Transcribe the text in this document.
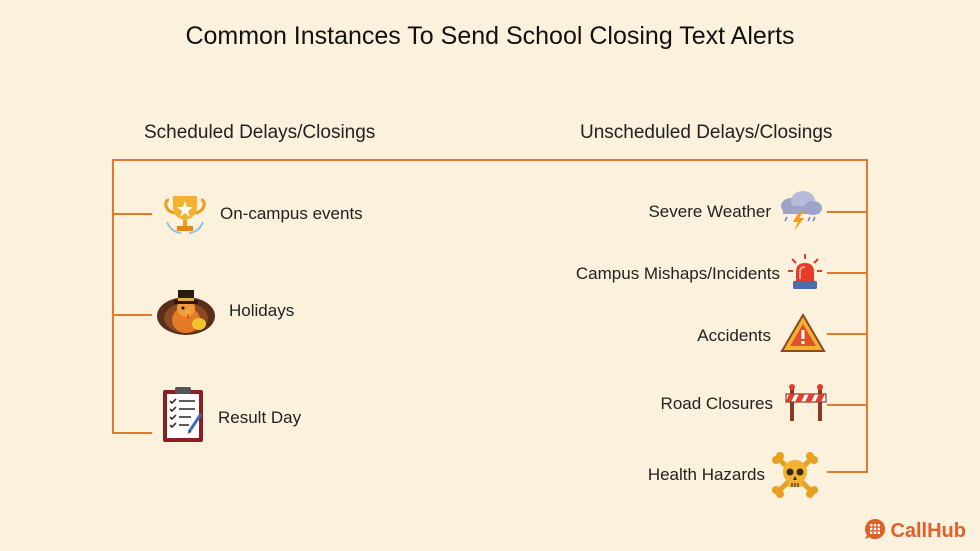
Common Instances To Send School Closing Text Alerts
Scheduled Delays/Closings	Unscheduled Delays/Closings
On-campus events
Holidays
Result Day
Severe Weather
Campus Mishaps/Incidents
Accidents
Road Closures
Health Hazards
CallHub
